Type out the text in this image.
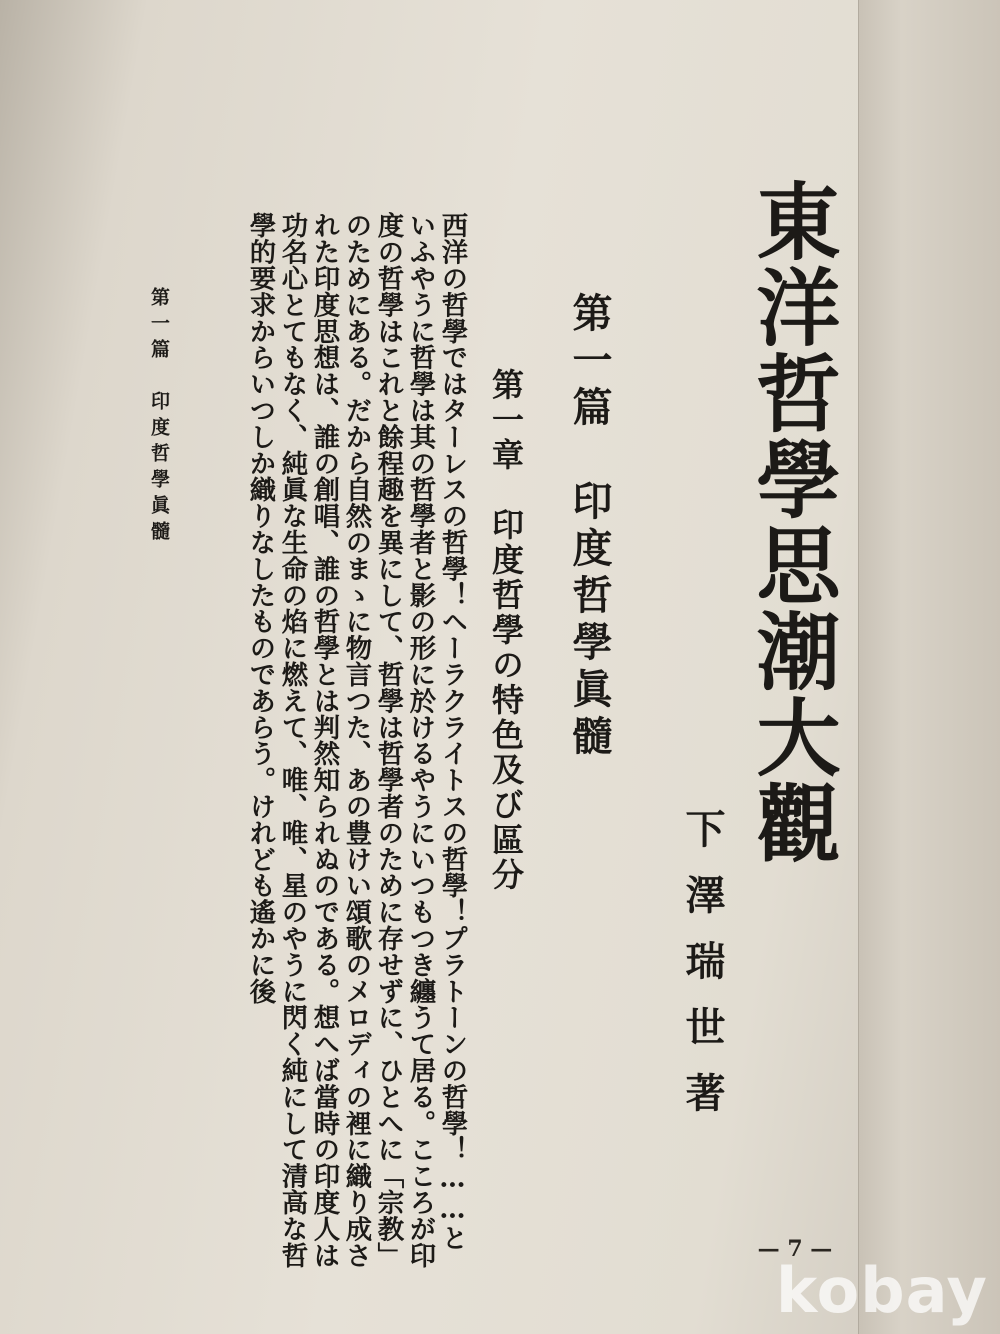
東洋哲學思潮大觀
下澤瑞世著
第一篇　印度哲學眞髓
第一章　印度哲學の特色及び區分

西洋の哲學ではターレスの哲學！ヘーラクライトスの哲學！プラトーンの哲學！……といふやうに哲學は其の哲學者と影の形に於けるやうにいつもつき纏うて居る。こころが印度の哲學はこれと餘程趣を異にして、哲學は哲學者のために存せずに、ひとへに「宗教」のためにある。だから自然のまゝに物言つた、あの豊けい頌歌のメロディの裡に織り成された印度思想は、誰の創唱、誰の哲學とは判然知られぬのである。想へば當時の印度人は功名心とてもなく、純眞な生命の焰に燃えて、唯、唯、星のやうに閃く純にして清高な哲學的要求からいつしか織りなしたものであらう。けれども遙かに後

第一篇　印度哲學眞髓
— 7 —
kobay
